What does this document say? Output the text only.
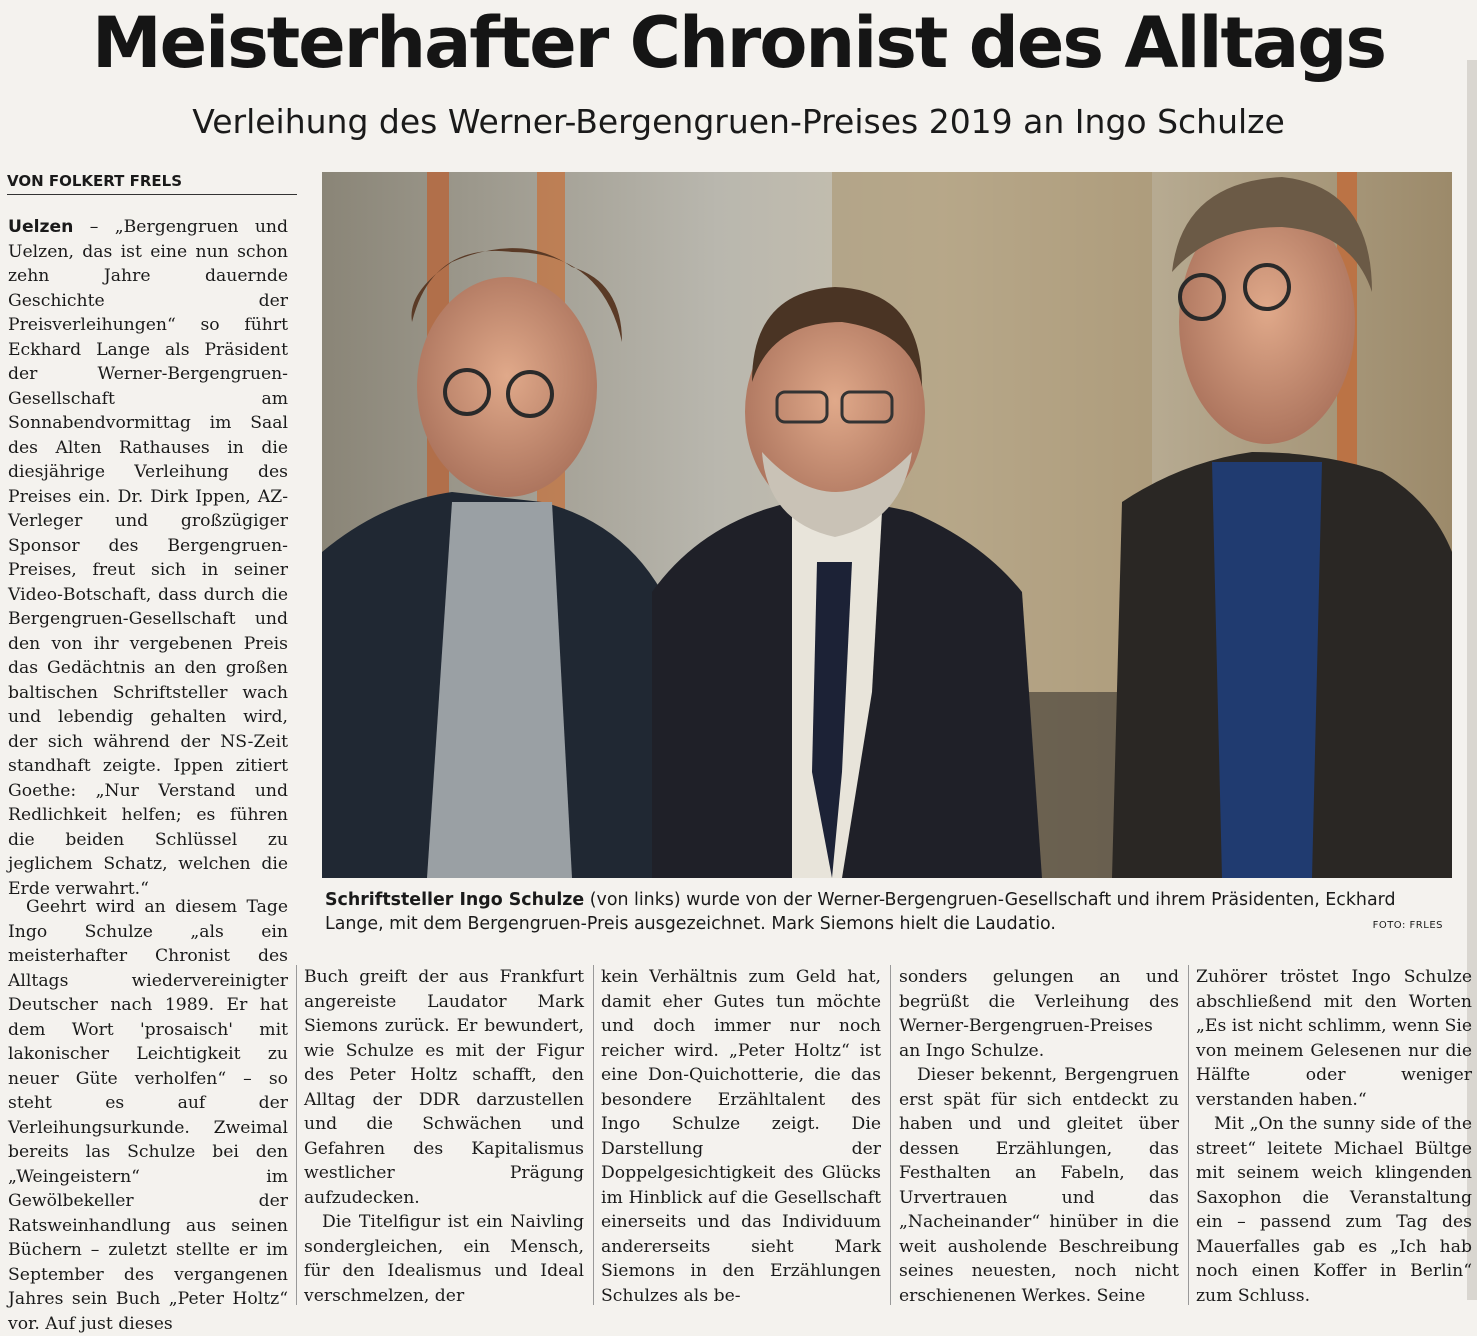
Meisterhafter Chronist des Alltags
Verleihung des Werner-Bergengruen-Preises 2019 an Ingo Schulze
VON FOLKERT FRELS

Uelzen – „Bergengruen und Uelzen, das ist eine nun schon zehn Jahre dauernde Geschichte der Preisverleihungen“ so führt Eckhard Lange als Präsident der Werner-Bergengruen-Gesellschaft am Sonnabendvormittag im Saal des Alten Rathauses in die diesjährige Verleihung des Preises ein. Dr. Dirk Ippen, AZ-Verleger und großzügiger Sponsor des Bergengruen-Preises, freut sich in seiner Video-Botschaft, dass durch die Bergengruen-Gesellschaft und den von ihr vergebenen Preis das Gedächtnis an den großen baltischen Schriftsteller wach und lebendig gehalten wird, der sich während der NS-Zeit standhaft zeigte. Ippen zitiert Goethe: „Nur Verstand und Redlichkeit helfen; es führen die beiden Schlüssel zu jeglichem Schatz, welchen die Erde verwahrt.“

Geehrt wird an diesem Tage Ingo Schulze „als ein meisterhafter Chronist des Alltags wiedervereinigter Deutscher nach 1989. Er hat dem Wort 'prosaisch' mit lakonischer Leichtigkeit zu neuer Güte verholfen“ – so steht es auf der Verleihungsurkunde. Zweimal bereits las Schulze bei den „Weingeistern“ im Gewölbekeller der Ratsweinhandlung aus seinen Büchern – zuletzt stellte er im September des vergangenen Jahres sein Buch „Peter Holtz“ vor. Auf just dieses

Schriftsteller Ingo Schulze (von links) wurde von der Werner-Bergengruen-Gesellschaft und ihrem Präsidenten, Eckhard Lange, mit dem Bergengruen-Preis ausgezeichnet. Mark Siemons hielt die Laudatio.	FOTO: FRLES

Buch greift der aus Frankfurt angereiste Laudator Mark Siemons zurück. Er bewundert, wie Schulze es mit der Figur des Peter Holtz schafft, den Alltag der DDR darzustellen und die Schwächen und Gefahren des Kapitalismus westlicher Prägung aufzudecken.

Die Titelfigur ist ein Naivling sondergleichen, ein Mensch, für den Idealismus und Ideal verschmelzen, der

kein Verhältnis zum Geld hat, damit eher Gutes tun möchte und doch immer nur noch reicher wird. „Peter Holtz“ ist eine Don-Quichotterie, die das besondere Erzähltalent des Ingo Schulze zeigt. Die Darstellung der Doppelgesichtigkeit des Glücks im Hinblick auf die Gesellschaft einerseits und das Individuum andererseits sieht Mark Siemons in den Erzählungen Schulzes als be-

sonders gelungen an und begrüßt die Verleihung des Werner-Bergengruen-Preises an Ingo Schulze.

Dieser bekennt, Bergengruen erst spät für sich entdeckt zu haben und und gleitet über dessen Erzählungen, das Festhalten an Fabeln, das Urvertrauen und das „Nacheinander“ hinüber in die weit ausholende Beschreibung seines neuesten, noch nicht erschienenen Werkes. Seine

Zuhörer tröstet Ingo Schulze abschließend mit den Worten „Es ist nicht schlimm, wenn Sie von meinem Gelesenen nur die Hälfte oder weniger verstanden haben.“

Mit „On the sunny side of the street“ leitete Michael Bültge mit seinem weich klingenden Saxophon die Veranstaltung ein – passend zum Tag des Mauerfalles gab es „Ich hab noch einen Koffer in Berlin“ zum Schluss.
